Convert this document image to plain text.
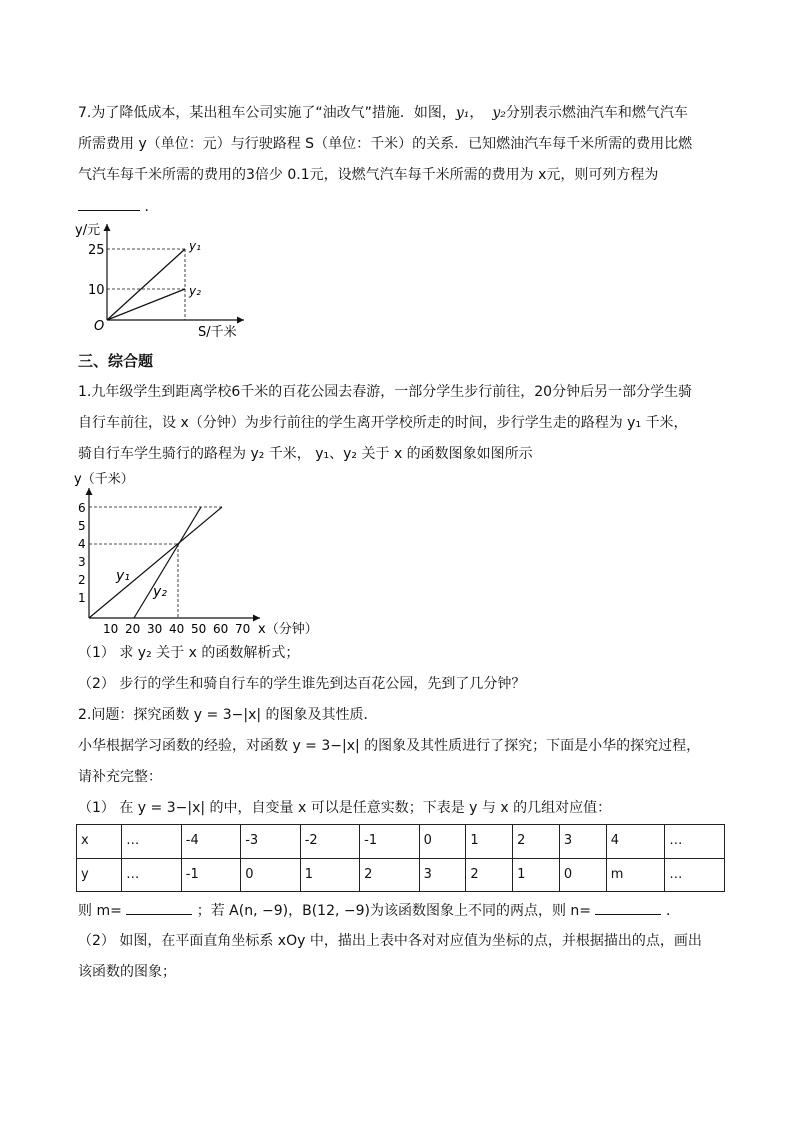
7.为了降低成本，某出租车公司实施了“油改气”措施．如图，y₁， y₂分别表示燃油汽车和燃气汽车
所需费用 y（单位：元）与行驶路程 S（单位：千米）的关系．已知燃油汽车每千米所需的费用比燃
气汽车每千米所需的费用的3倍少 0.1元，设燃气汽车每千米所需的费用为 x元，则可列方程为
．
y/元
25
10
O	S/千米
y₁
y₂
三、综合题
1.九年级学生到距离学校6千米的百花公园去春游，一部分学生步行前往，20分钟后另一部分学生骑
自行车前往，设 x（分钟）为步行前往的学生离开学校所走的时间，步行学生走的路程为 y₁ 千米，
骑自行车学生骑行的路程为 y₂ 千米， y₁、y₂ 关于 x 的函数图象如图所示
y（千米）
6
5
4
3
2
1
y₁
y₂
10 20 30 40 50 60 70 x（分钟）
（1） 求 y₂ 关于 x 的函数解析式；
（2） 步行的学生和骑自行车的学生谁先到达百花公园，先到了几分钟？
2.问题：探究函数 y = 3−|x| 的图象及其性质．
小华根据学习函数的经验，对函数 y = 3−|x| 的图象及其性质进行了探究；下面是小华的探究过程，
请补充完整：
（1） 在 y = 3−|x| 的中，自变量 x 可以是任意实数；下表是 y 与 x 的几组对应值：
x	…	-4	-3	-2	-1	0	1	2	3	4	…
y	…	-1	0	1	2	3	2	1	0	m	…
则 m=	；若 A(n, −9)，B(12, −9)为该函数图象上不同的两点，则 n=	．
（2） 如图，在平面直角坐标系 xOy 中，描出上表中各对对应值为坐标的点，并根据描出的点，画出
该函数的图象；
